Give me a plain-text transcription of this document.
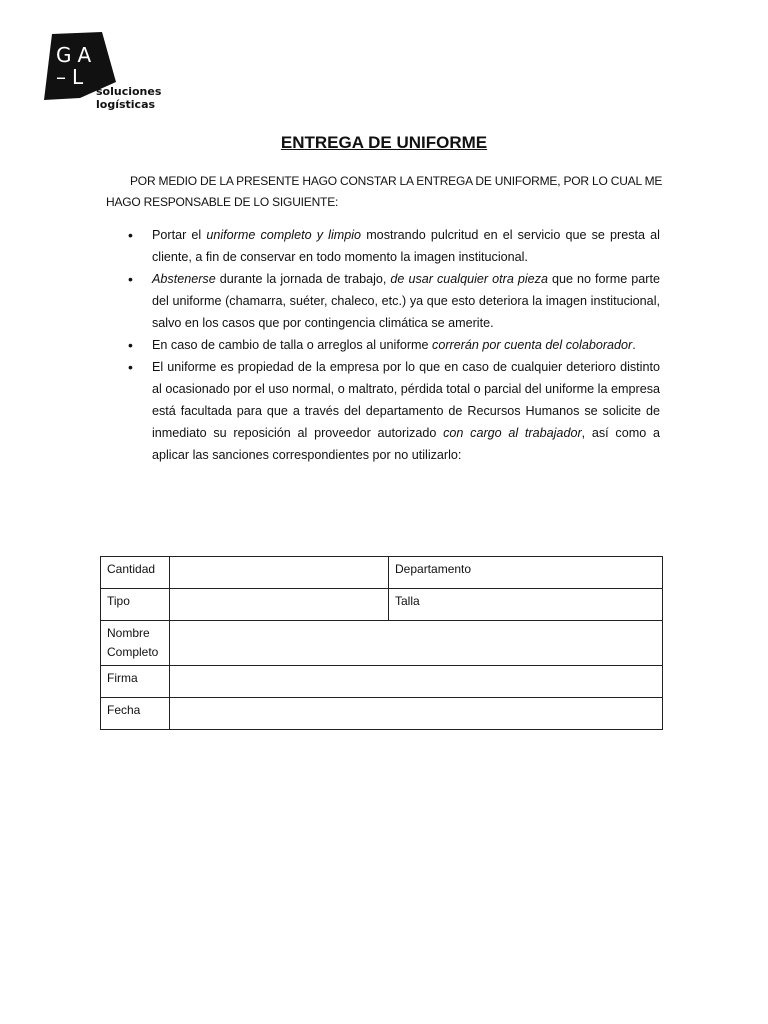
GA
–L
soluciones
logísticas
ENTREGA DE UNIFORME
POR MEDIO DE LA PRESENTE HAGO CONSTAR LA ENTREGA DE UNIFORME, POR LO CUAL ME HAGO RESPONSABLE DE LO SIGUIENTE:
• Portar el uniforme completo y limpio mostrando pulcritud en el servicio que se presta al cliente, a fin de conservar en todo momento la imagen institucional.
• Abstenerse durante la jornada de trabajo, de usar cualquier otra pieza que no forme parte del uniforme (chamarra, suéter, chaleco, etc.) ya que esto deteriora la imagen institucional, salvo en los casos que por contingencia climática se amerite.
• En caso de cambio de talla o arreglos al uniforme correrán por cuenta del colaborador.
• El uniforme es propiedad de la empresa por lo que en caso de cualquier deterioro distinto al ocasionado por el uso normal, o maltrato, pérdida total o parcial del uniforme la empresa está facultada para que a través del departamento de Recursos Humanos se solicite de inmediato su reposición al proveedor autorizado con cargo al trabajador, así como a aplicar las sanciones correspondientes por no utilizarlo:
Cantidad		Departamento
Tipo		Talla

Nombre
Completo		

Firma		
Fecha		
